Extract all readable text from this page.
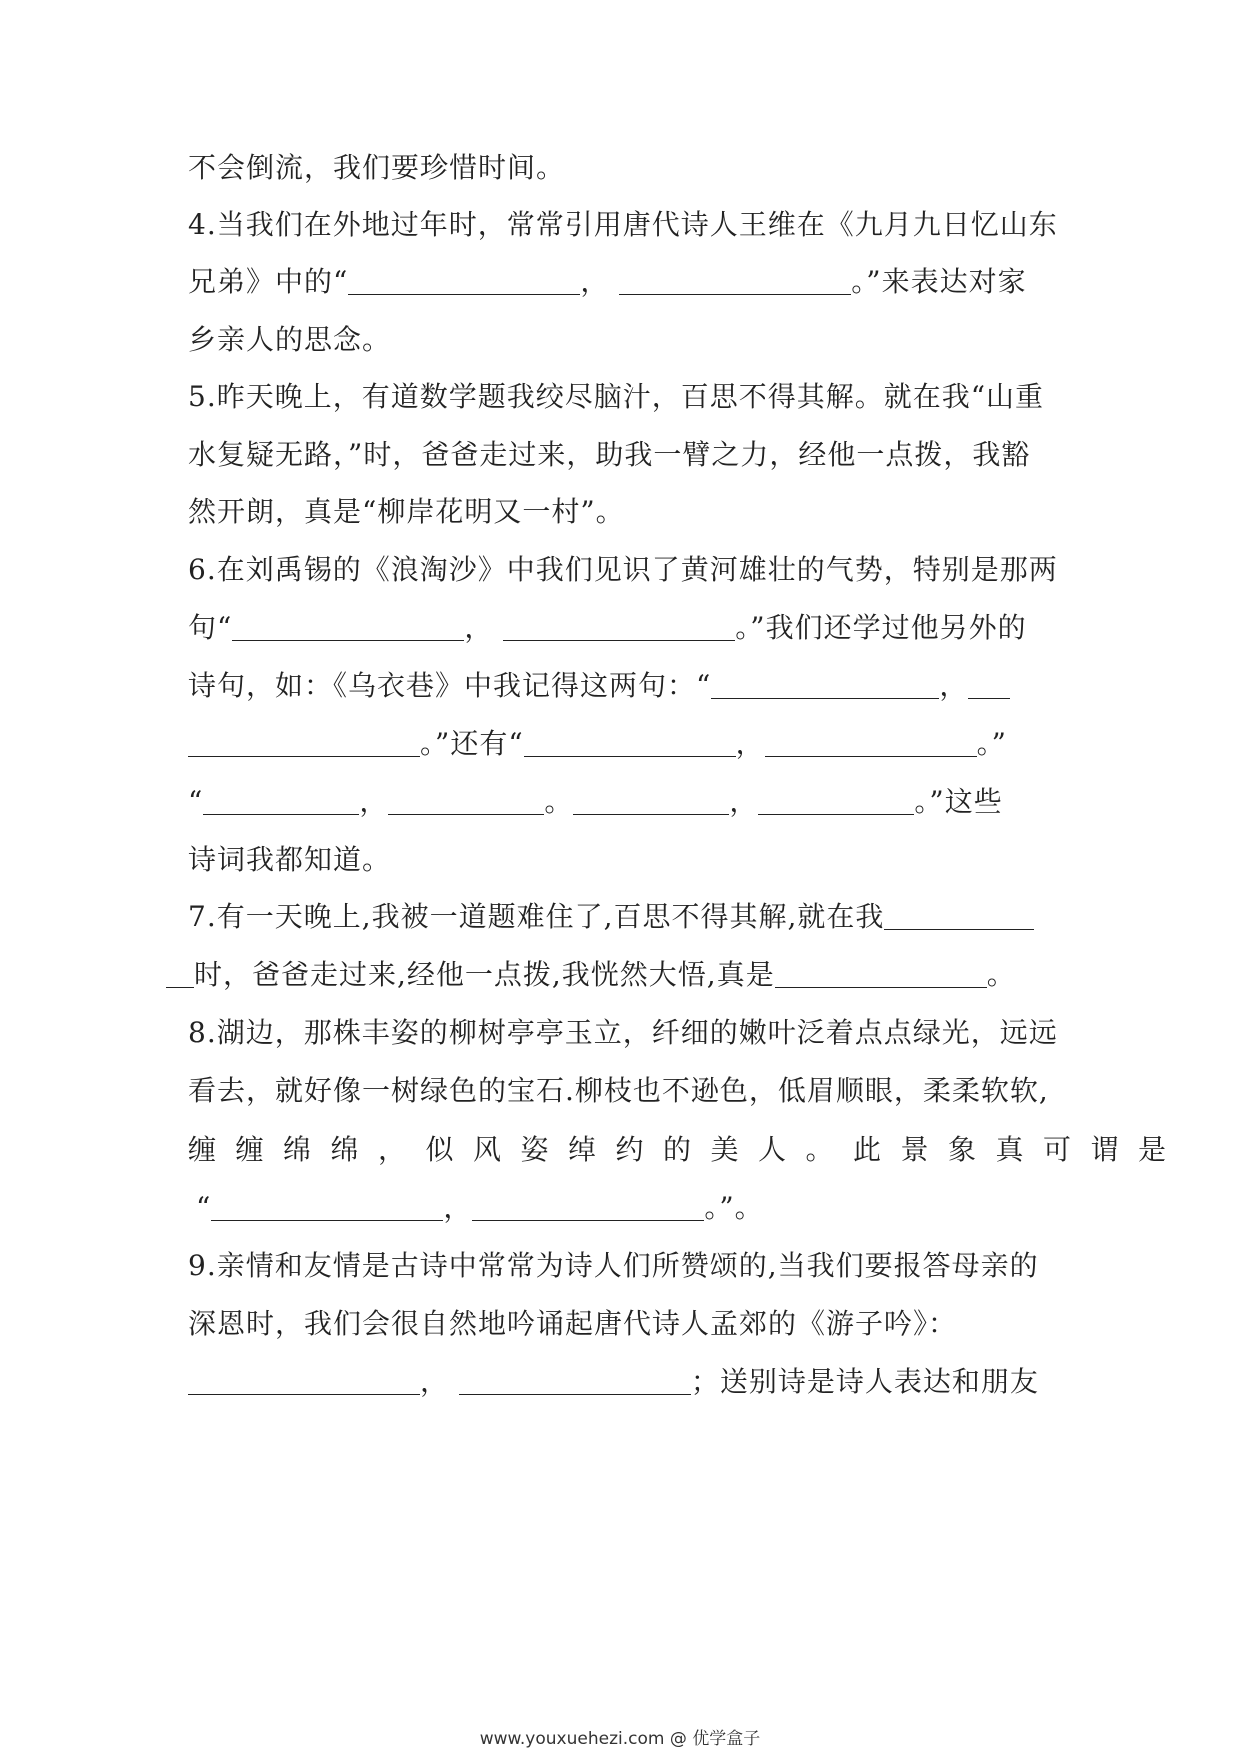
不会倒流，我们要珍惜时间。
4.当我们在外地过年时，常常引用唐代诗人王维在《九月九日忆山东
兄弟》中的“	，	。”来表达对家
乡亲人的思念。
5.昨天晚上，有道数学题我绞尽脑汁，百思不得其解。就在我“山重
水复疑无路，”时，爸爸走过来，助我一臂之力，经他一点拨，我豁
然开朗，真是“柳岸花明又一村”。
6.在刘禹锡的《浪淘沙》中我们见识了黄河雄壮的气势，特别是那两
句“	，	。”我们还学过他另外的
诗句，如：《乌衣巷》中我记得这两句：“	，
。”还有“	，	。”
“	，	。	，	。”这些
诗词我都知道。
7.有一天晚上,我被一道题难住了,百思不得其解,就在我
时，爸爸走过来,经他一点拨,我恍然大悟,真是	。
8.湖边，那株丰姿的柳树亭亭玉立，纤细的嫩叶泛着点点绿光，远远
看去，就好像一树绿色的宝石.柳枝也不逊色，低眉顺眼，柔柔软软,
缠缠绵绵，似风姿绰约的美人。此景象真可谓是
“	，	。”。
9.亲情和友情是古诗中常常为诗人们所赞颂的,当我们要报答母亲的
深恩时，我们会很自然地吟诵起唐代诗人孟郊的《游子吟》：
，	；送别诗是诗人表达和朋友
www.youxuehezi.com @ 优学盒子
